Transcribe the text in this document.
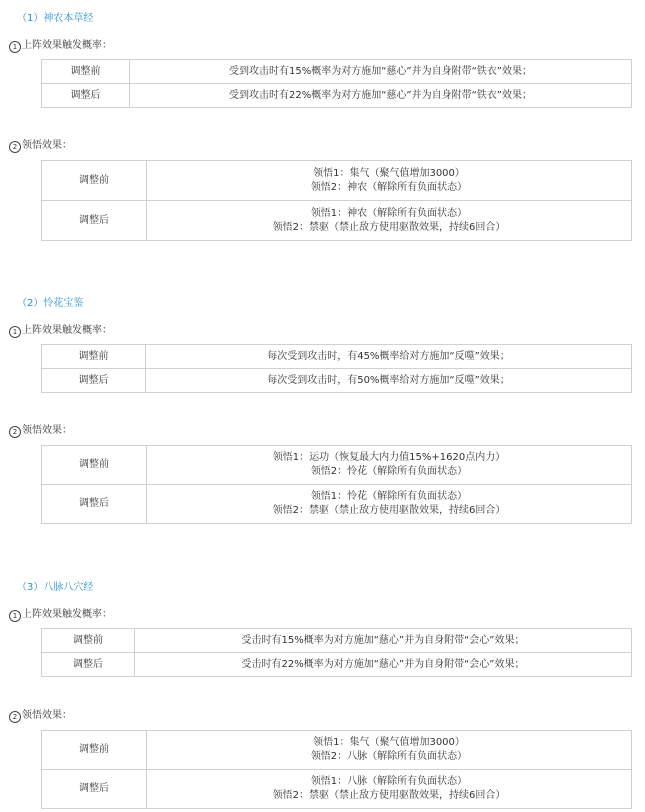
（1）神农本草经
1 上阵效果触发概率：
调整前	受到攻击时有15%概率为对方施加“慈心”并为自身附带“铁衣”效果；
调整后	受到攻击时有22%概率为对方施加“慈心”并为自身附带“铁衣”效果；
2 领悟效果：
调整前	领悟1：集气（聚气值增加3000）
领悟2：神农（解除所有负面状态）

调整后	领悟1：神农（解除所有负面状态）
领悟2：禁驱（禁止敌方使用驱散效果，持续6回合）
（2）怜花宝鉴
1 上阵效果触发概率：
调整前	每次受到攻击时，有45%概率给对方施加“反噬”效果；
调整后	每次受到攻击时，有50%概率给对方施加“反噬”效果；
2 领悟效果：
调整前	领悟1：运功（恢复最大内力值15%+1620点内力）
领悟2：怜花（解除所有负面状态）

调整后	领悟1：怜花（解除所有负面状态）
领悟2：禁驱（禁止敌方使用驱散效果，持续6回合）
（3）八脉八穴经
1 上阵效果触发概率：
调整前	受击时有15%概率为对方施加“慈心”并为自身附带“会心”效果；
调整后	受击时有22%概率为对方施加“慈心”并为自身附带“会心”效果；
2 领悟效果：
调整前	领悟1：集气（聚气值增加3000）
领悟2：八脉（解除所有负面状态）

调整后	领悟1：八脉（解除所有负面状态）
领悟2：禁驱（禁止敌方使用驱散效果，持续6回合）
